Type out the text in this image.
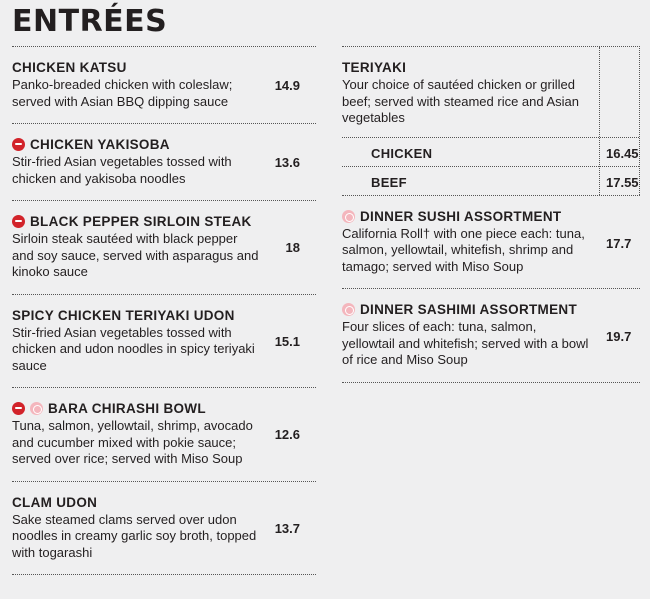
ENTRÉES
CHICKEN KATSU
Panko-breaded chicken with coleslaw; served with Asian BBQ dipping sauce
14.9
CHICKEN YAKISOBA
Stir-fried Asian vegetables tossed with chicken and yakisoba noodles
13.6
BLACK PEPPER SIRLOIN STEAK
Sirloin steak sautéed with black pepper and soy sauce, served with asparagus and kinoko sauce
18
SPICY CHICKEN TERIYAKI UDON
Stir-fried Asian vegetables tossed with chicken and udon noodles in spicy teriyaki sauce
15.1
BARA CHIRASHI BOWL
Tuna, salmon, yellowtail, shrimp, avocado and cucumber mixed with pokie sauce; served over rice; served with Miso Soup
12.6
CLAM UDON
Sake steamed clams served over udon noodles in creamy garlic soy broth, topped with togarashi
13.7
TERIYAKI
Your choice of sautéed chicken or grilled beef; served with steamed rice and Asian vegetables
CHICKEN	16.45
BEEF	17.55
DINNER SUSHI ASSORTMENT
California Roll† with one piece each: tuna, salmon, yellowtail, whitefish, shrimp and tamago; served with Miso Soup
17.7
DINNER SASHIMI ASSORTMENT
Four slices of each: tuna, salmon, yellowtail and whitefish; served with a bowl of rice and Miso Soup
19.7
